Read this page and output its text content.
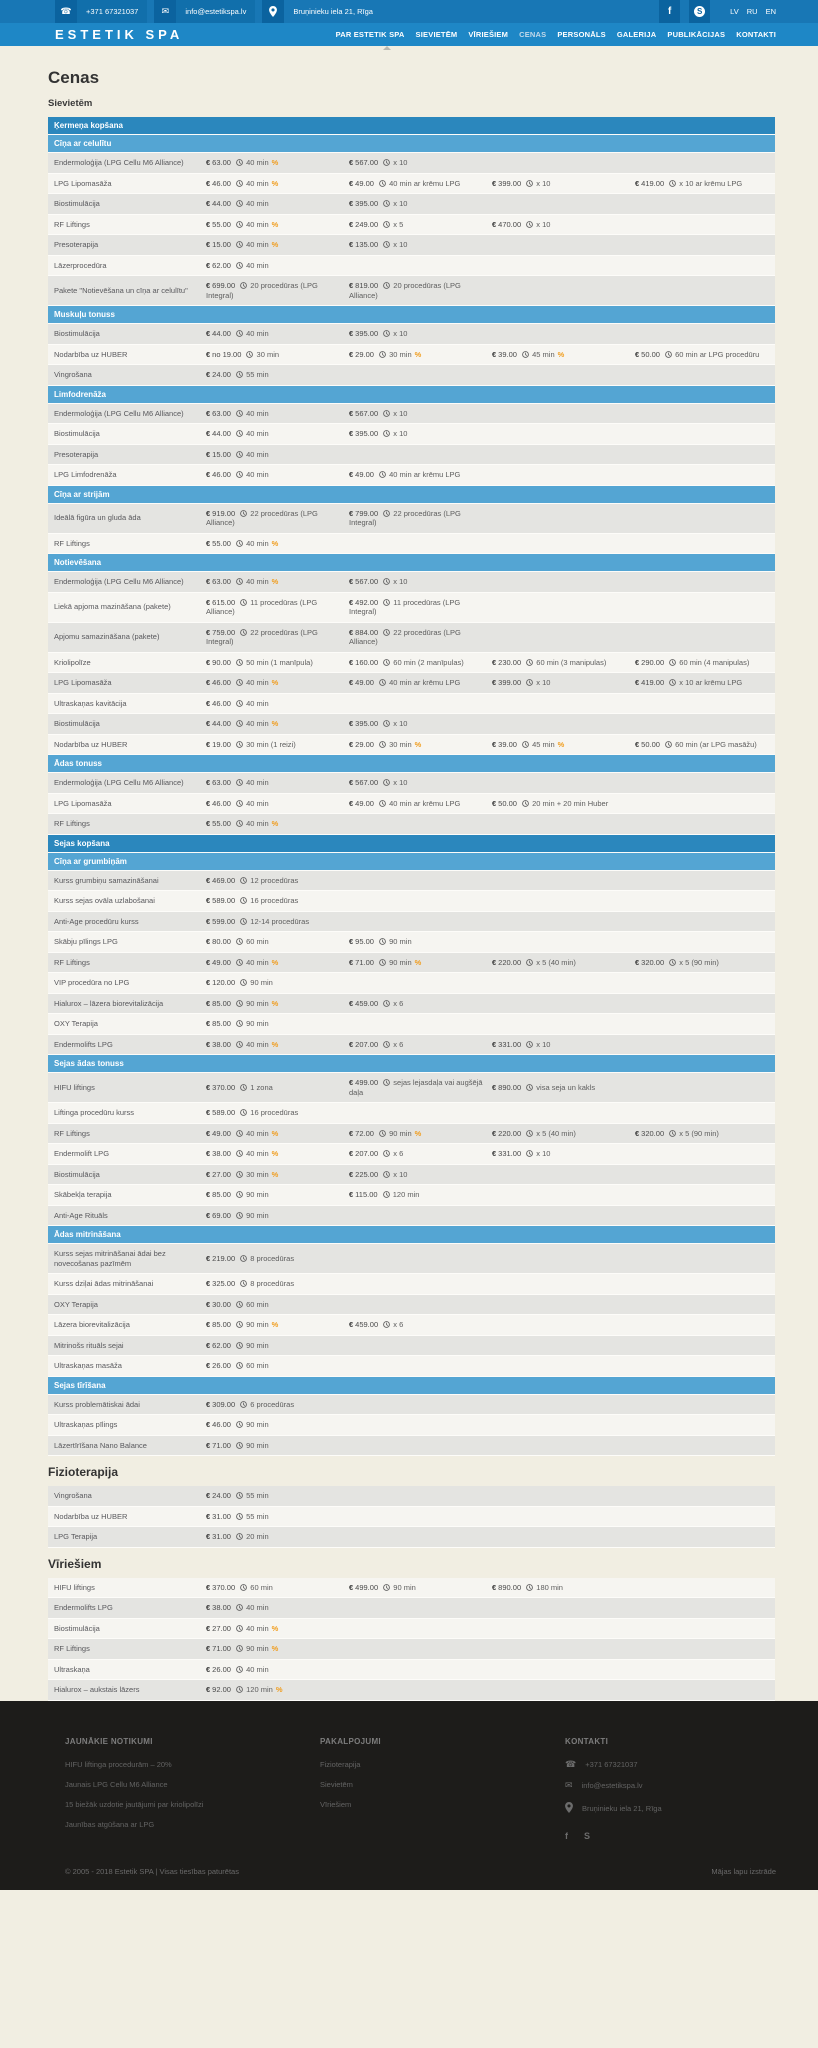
☎	+371 67321037	✉	info@estetikspa.lv	Bruņinieku iela 21, Rīga	f	S	LV RU EN
ESTETIK SPA	PAR ESTETIK SPA SIEVIETĒM VĪRIEŠIEM CENAS PERSONĀLS GALERIJA PUBLIKĀCIJAS KONTAKTI
Cenas
Sievietēm
Ķermeņa kopšana
Cīņa ar celulītu
Endermoloģija (LPG Cellu M6 Alliance)	€ 63.00  40 min %	€ 567.00  x 10		
LPG Lipomasāža	€ 46.00  40 min %	€ 49.00  40 min ar krēmu LPG	€ 399.00  x 10	€ 419.00  x 10 ar krēmu LPG
Biostimulācija	€ 44.00  40 min	€ 395.00  x 10		
RF Liftings	€ 55.00  40 min %	€ 249.00  x 5	€ 470.00  x 10	
Presoterapija	€ 15.00  40 min %	€ 135.00  x 10		
Lāzerprocedūra	€ 62.00  40 min			
Pakete "Notievēšana un cīņa ar celulītu"	€ 699.00  20 procedūras (LPG Integral)	€ 819.00  20 procedūras (LPG Alliance)		
Muskuļu tonuss
Biostimulācija	€ 44.00  40 min	€ 395.00  x 10		
Nodarbība uz HUBER	€ no 19.00  30 min	€ 29.00  30 min %	€ 39.00  45 min %	€ 50.00  60 min ar LPG procedūru
Vingrošana	€ 24.00  55 min			
Limfodrenāža
Endermoloģija (LPG Cellu M6 Alliance)	€ 63.00  40 min	€ 567.00  x 10		
Biostimulācija	€ 44.00  40 min	€ 395.00  x 10		
Presoterapija	€ 15.00  40 min			
LPG Limfodrenāža	€ 46.00  40 min	€ 49.00  40 min ar krēmu LPG		
Cīņa ar strijām
Ideālā figūra un gluda āda	€ 919.00  22 procedūras (LPG Alliance)	€ 799.00  22 procedūras (LPG Integral)		
RF Liftings	€ 55.00  40 min %			
Notievēšana
Endermoloģija (LPG Cellu M6 Alliance)	€ 63.00  40 min %	€ 567.00  x 10		
Liekā apjoma mazināšana (pakete)	€ 615.00  11 procedūras (LPG Alliance)	€ 492.00  11 procedūras (LPG Integral)		
Apjomu samazināšana (pakete)	€ 759.00  22 procedūras (LPG Integral)	€ 884.00  22 procedūras (LPG Alliance)		
Kriolipolīze	€ 90.00  50 min (1 manīpula)	€ 160.00  60 min (2 manīpulas)	€ 230.00  60 min (3 manipulas)	€ 290.00  60 min (4 manipulas)
LPG Lipomasāža	€ 46.00  40 min %	€ 49.00  40 min ar krēmu LPG	€ 399.00  x 10	€ 419.00  x 10 ar krēmu LPG
Ultraskaņas kavitācija	€ 46.00  40 min			
Biostimulācija	€ 44.00  40 min %	€ 395.00  x 10		
Nodarbība uz HUBER	€ 19.00  30 min (1 reizi)	€ 29.00  30 min %	€ 39.00  45 min %	€ 50.00  60 min (ar LPG masāžu)
Ādas tonuss
Endermoloģija (LPG Cellu M6 Alliance)	€ 63.00  40 min	€ 567.00  x 10		
LPG Lipomasāža	€ 46.00  40 min	€ 49.00  40 min ar krēmu LPG	€ 50.00  20 min + 20 min Huber	
RF Liftings	€ 55.00  40 min %			
Sejas kopšana
Cīņa ar grumbiņām
Kurss grumbiņu samazināšanai	€ 469.00  12 procedūras			
Kurss sejas ovāla uzlabošanai	€ 589.00  16 procedūras			
Anti-Age procedūru kurss	€ 599.00  12-14 procedūras			
Skābju pīlings LPG	€ 80.00  60 min	€ 95.00  90 min		
RF Liftings	€ 49.00  40 min %	€ 71.00  90 min %	€ 220.00  x 5 (40 min)	€ 320.00  x 5 (90 min)
VIP procedūra no LPG	€ 120.00  90 min			
Hialurox – lāzera biorevitalizācija	€ 85.00  90 min %	€ 459.00  x 6		
OXY Terapija	€ 85.00  90 min			
Endermolifts LPG	€ 38.00  40 min %	€ 207.00  x 6	€ 331.00  x 10	
Sejas ādas tonuss
HIFU liftings	€ 370.00  1 zona	€ 499.00  sejas lejasdaļa vai augšējā daļa	€ 890.00  visa seja un kakls	
Liftinga procedūru kurss	€ 589.00  16 procedūras			
RF Liftings	€ 49.00  40 min %	€ 72.00  90 min %	€ 220.00  x 5 (40 min)	€ 320.00  x 5 (90 min)
Endermolift LPG	€ 38.00  40 min %	€ 207.00  x 6	€ 331.00  x 10	
Biostimulācija	€ 27.00  30 min %	€ 225.00  x 10		
Skābekļa terapija	€ 85.00  90 min	€ 115.00  120 min		
Anti-Age Rituāls	€ 69.00  90 min			
Ādas mitrināšana
Kurss sejas mitrināšanai ādai bez novecošanas pazīmēm	€ 219.00  8 procedūras			
Kurss dziļai ādas mitrināšanai	€ 325.00  8 procedūras			
OXY Terapija	€ 30.00  60 min			
Lāzera biorevitalizācija	€ 85.00  90 min %	€ 459.00  x 6		
Mitrinošs rituāls sejai	€ 62.00  90 min			
Ultraskaņas masāža	€ 26.00  60 min			
Sejas tīrīšana
Kurss problemātiskai ādai	€ 309.00  6 procedūras			
Ultraskaņas pīlings	€ 46.00  90 min			
Lāzertīrīšana Nano Balance	€ 71.00  90 min			
Fizioterapija
Vingrošana	€ 24.00  55 min			
Nodarbība uz HUBER	€ 31.00  55 min			
LPG Terapija	€ 31.00  20 min			
Vīriešiem
HIFU liftings	€ 370.00  60 min	€ 499.00  90 min	€ 890.00  180 min	
Endermolifts LPG	€ 38.00  40 min			
Biostimulācija	€ 27.00  40 min %			
RF Liftings	€ 71.00  90 min %			
Ultraskaņa	€ 26.00  40 min			
Hialurox – aukstais lāzers	€ 92.00  120 min %			
JAUNĀKIE NOTIKUMI
HIFU liftinga procedurām – 20%
Jaunais LPG Cellu M6 Alliance
15 biežāk uzdotie jautājumi par kriolipolīzi
Jaunības atgūšana ar LPG
PAKALPOJUMI
Fizioterapija
Sievietēm
Vīriešiem
KONTAKTI
☎ +371 67321037
✉ info@estetikspa.lv
Bruņinieku iela 21, Rīga
f S
© 2005 - 2018 Estetik SPA | Visas tiesības paturētas	Mājas lapu izstrāde
